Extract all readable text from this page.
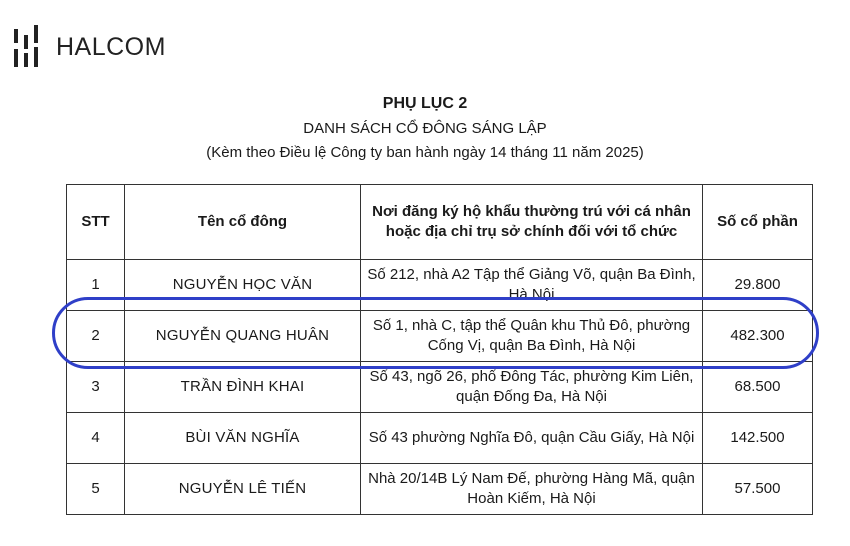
HALCOM
PHỤ LỤC 2
DANH SÁCH CỔ ĐÔNG SÁNG LẬP
(Kèm theo Điều lệ Công ty ban hành ngày 14 tháng 11 năm 2025)
STT	Tên cổ đông	Nơi đăng ký hộ khẩu thường trú với cá nhân hoặc địa chỉ trụ sở chính đối với tổ chức	Số cổ phần
1	NGUYỄN HỌC VĂN	Số 212, nhà A2 Tập thể Giảng Võ, quận Ba Đình, Hà Nội	29.800
2	NGUYỄN QUANG HUÂN	Số 1, nhà C, tập thể Quân khu Thủ Đô, phường Cống Vị, quận Ba Đình, Hà Nội	482.300
3	TRẦN ĐÌNH KHAI	Số 43, ngõ 26, phố Đông Tác, phường Kim Liên, quận Đống Đa, Hà Nội	68.500
4	BÙI VĂN NGHĨA	Số 43 phường Nghĩa Đô, quận Cầu Giấy, Hà Nội	142.500
5	NGUYỄN LÊ TIẾN	Nhà 20/14B Lý Nam Đế, phường Hàng Mã, quận Hoàn Kiếm, Hà Nội	57.500
